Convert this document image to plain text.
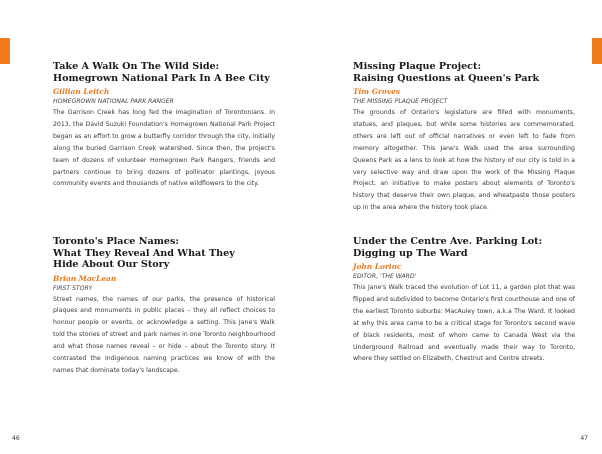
Take A Walk On The Wild Side:
Homegrown National Park In A Bee City
Gillian Leitch
HOMEGROWN NATIONAL PARK RANGER

The Garrison Creek has long fed the imagination of Torontonians. In 2013, the David Suzuki Foundation's Homegrown National Park Project began as an effort to grow a butterfly corridor through the city, initially along the buried Garrison Creek watershed. Since then, the project's team of dozens of volunteer Homegrown Park Rangers, friends and partners continue to bring dozens of pollinator plantings, joyous community events and thousands of native wildflowers to the city.

Missing Plaque Project:
Raising Questions at Queen's Park
Tim Groves
THE MISSING PLAQUE PROJECT

The grounds of Ontario's legislature are filled with monuments, statues, and plaques, but while some histories are commemorated, others are left out of official narratives or even left to fade from memory altogether. This Jane's Walk used the area surrounding Queens Park as a lens to look at how the history of our city is told in a very selective way and draw upon the work of the Missing Plaque Project, an initiative to make posters about elements of Toronto's history that deserve their own plaque, and wheatpaste those posters up in the area where the history took place.

Toronto's Place Names:
What They Reveal And What They
Hide About Our Story
Brian MacLean
FIRST STORY

Street names, the names of our parks, the presence of historical plaques and monuments in public places – they all reflect choices to honour people or events, or acknowledge a setting. This Jane's Walk told the stories of street and park names in one Toronto neighbourhood and what those names reveal – or hide – about the Toronto story. It contrasted the Indigenous naming practices we know of with the names that dominate today's landscape.

Under the Centre Ave. Parking Lot:
Digging up The Ward
John Lorinc
EDITOR, 'THE WARD'

This Jane's Walk traced the evolution of Lot 11, a garden plot that was flipped and subdivided to become Ontario's first courthouse and one of the earliest Toronto suburbs: MacAuley town, a.k.a The Ward. It looked at why this area came to be a critical stage for Toronto's second wave of black residents, most of whom came to Canada West via the Underground Railroad and eventually made their way to Toronto, where they settled on Elizabeth, Chestnut and Centre streets.

46	47
